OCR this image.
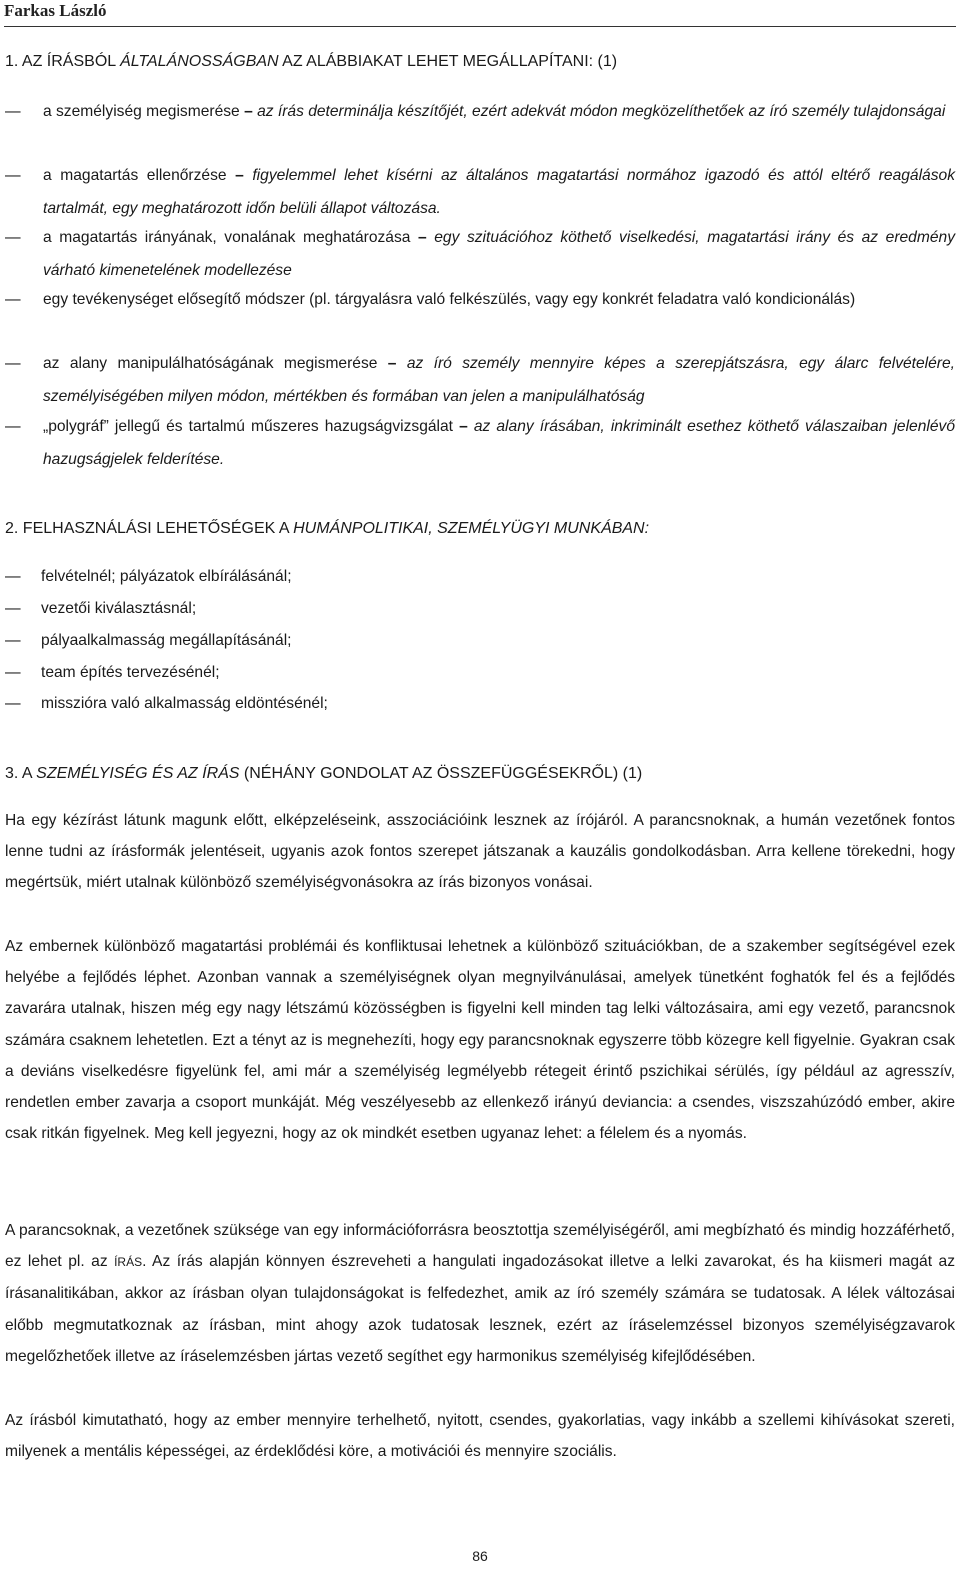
Farkas László
1. AZ ÍRÁSBÓL ÁLTALÁNOSSÁGBAN AZ ALÁBBIAKAT LEHET MEGÁLLAPÍTANI: (1)
—
a személyiség megismerése – az írás determinálja készítőjét, ezért adekvát módon megközelíthetőek az író személy tulajdonságai
—
a magatartás ellenőrzése – figyelemmel lehet kísérni az általános magatartási normához igazodó és attól eltérő reagálások tartalmát, egy meghatározott időn belüli állapot változása.
—
a magatartás irányának, vonalának meghatározása – egy szituációhoz köthető viselkedési, magatartási irány és az eredmény várható kimenetelének modellezése
—
egy tevékenységet elősegítő módszer (pl. tárgyalásra való felkészülés, vagy egy konkrét feladatra való kondicionálás)
—
az alany manipulálhatóságának megismerése – az író személy mennyire képes a szerepjátszásra, egy álarc felvételére, személyiségében milyen módon, mértékben és formában van jelen a manipulálhatóság
—
„polygráf” jellegű és tartalmú műszeres hazugságvizsgálat – az alany írásában, inkriminált esethez köthető válaszaiban jelenlévő hazugságjelek felderítése.
2. FELHASZNÁLÁSI LEHETŐSÉGEK A HUMÁNPOLITIKAI, SZEMÉLYÜGYI MUNKÁBAN:
—
felvételnél; pályázatok elbírálásánál;
—
vezetői kiválasztásnál;
—
pályaalkalmasság megállapításánál;
—
team építés tervezésénél;
—
misszióra való alkalmasság eldöntésénél;
3. A SZEMÉLYISÉG ÉS AZ ÍRÁS (NÉHÁNY GONDOLAT AZ ÖSSZEFÜGGÉSEKRŐL) (1)
Ha egy kézírást látunk magunk előtt, elképzeléseink, asszociációink lesznek az írójáról. A parancsnoknak, a humán vezetőnek fontos lenne tudni az írásformák jelentéseit, ugyanis azok fontos szerepet játszanak a kauzális gondolkodásban. Arra kellene törekedni, hogy megértsük, miért utalnak különböző személyiségvonásokra az írás bizonyos vonásai.
Az embernek különböző magatartási problémái és konfliktusai lehetnek a különböző szituációkban, de a szakember segítségével ezek helyébe a fejlődés léphet. Azonban vannak a személyiségnek olyan megnyilvánulásai, amelyek tünetként foghatók fel és a fejlődés zavarára utalnak, hiszen még egy nagy létszámú közösségben is figyelni kell minden tag lelki változásaira, ami egy vezető, parancsnok számára csaknem lehetetlen. Ezt a tényt az is megnehezíti, hogy egy parancsnoknak egyszerre több közegre kell figyelnie. Gyakran csak a deviáns viselkedésre figyelünk fel, ami már a személyiség legmélyebb rétegeit érintő pszichikai sérülés, így például az agresszív, rendetlen ember zavarja a csoport munkáját. Még veszélyesebb az ellenkező irányú deviancia: a csendes, viszszahúzódó ember, akire csak ritkán figyelnek. Meg kell jegyezni, hogy az ok mindkét esetben ugyanaz lehet: a félelem és a nyomás.
A parancsoknak, a vezetőnek szüksége van egy információforrásra beosztottja személyiségéről, ami megbízható és mindig hozzáférhető, ez lehet pl. az ÍRÁS. Az írás alapján könnyen észreveheti a hangulati ingadozásokat illetve a lelki zavarokat, és ha kiismeri magát az írásanalitikában, akkor az írásban olyan tulajdonságokat is felfedezhet, amik az író személy számára se tudatosak. A lélek változásai előbb megmutatkoznak az írásban, mint ahogy azok tudatosak lesznek, ezért az íráselemzéssel bizonyos személyiségzavarok megelőzhetőek illetve az íráselemzésben jártas vezető segíthet egy harmonikus személyiség kifejlődésében.
Az írásból kimutatható, hogy az ember mennyire terhelhető, nyitott, csendes, gyakorlatias, vagy inkább a szellemi kihívásokat szereti, milyenek a mentális képességei, az érdeklődési köre, a motivációi és mennyire szociális.
86
